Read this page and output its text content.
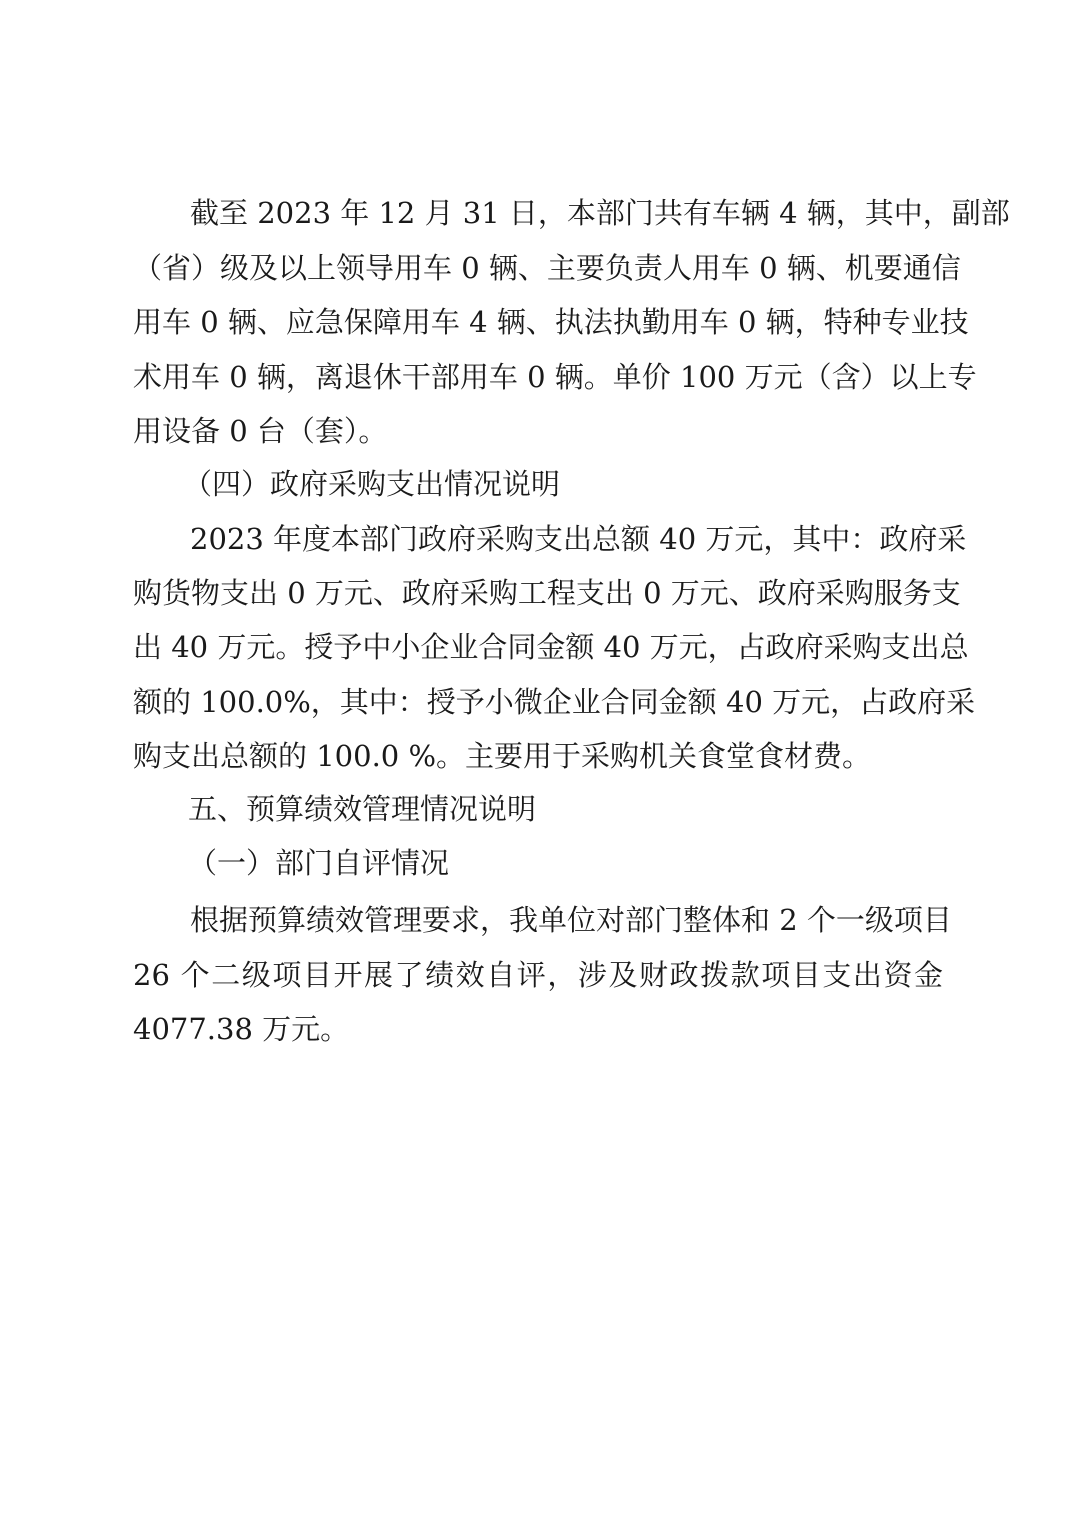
截至 2023 年 12 月 31 日，本部门共有车辆 4 辆，其中，副部
（省）级及以上领导用车 0 辆、主要负责人用车 0 辆、机要通信
用车 0 辆、应急保障用车 4 辆、执法执勤用车 0 辆，特种专业技
术用车 0 辆，离退休干部用车 0 辆。单价 100 万元（含）以上专
用设备 0 台（套）。
（四）政府采购支出情况说明
2023 年度本部门政府采购支出总额 40 万元，其中：政府采
购货物支出 0 万元、政府采购工程支出 0 万元、政府采购服务支
出 40 万元。授予中小企业合同金额 40 万元，占政府采购支出总
额的 100.0%，其中：授予小微企业合同金额 40 万元，占政府采
购支出总额的 100.0 %。主要用于采购机关食堂食材费。
五、预算绩效管理情况说明
（一）部门自评情况
根据预算绩效管理要求，我单位对部门整体和 2 个一级项目
26 个二级项目开展了绩效自评，涉及财政拨款项目支出资金
4077.38 万元。
